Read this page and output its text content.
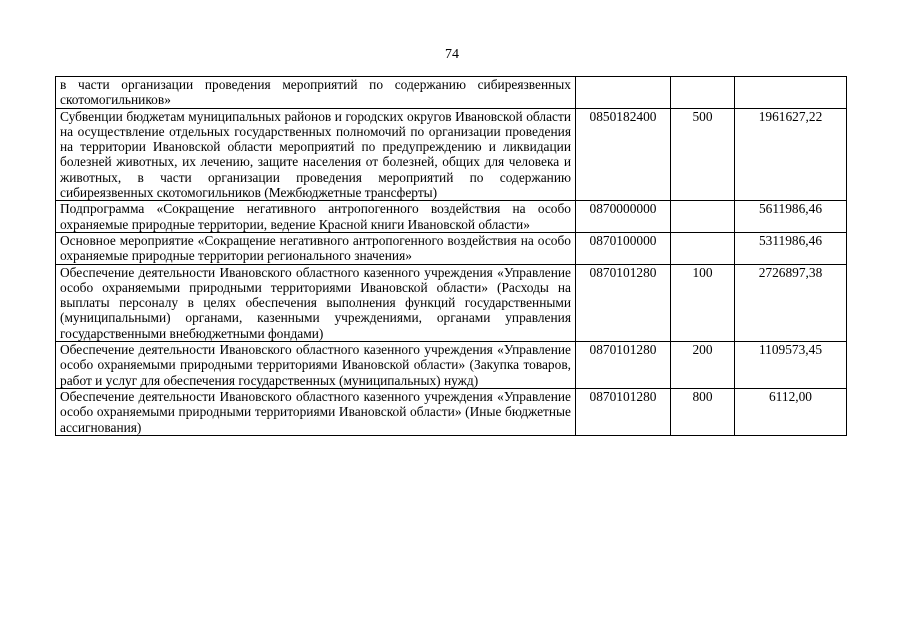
74
в части организации проведения мероприятий по содержанию сибиреязвенных скотомогильников»			
Субвенции бюджетам муниципальных районов и городских округов Ивановской области на осуществление отдельных государственных полномочий по организации проведения на территории Ивановской области мероприятий по предупреждению и ликвидации болезней животных, их лечению, защите населения от болезней, общих для человека и животных, в части организации проведения мероприятий по содержанию сибиреязвенных скотомогильников (Межбюджетные трансферты)	0850182400	500	1961627,22
Подпрограмма «Сокращение негативного антропогенного воздействия на особо охраняемые природные территории, ведение Красной книги Ивановской области»	0870000000		5611986,46
Основное мероприятие «Сокращение негативного антропогенного воздействия на особо охраняемые природные территории регионального значения»	0870100000		5311986,46
Обеспечение деятельности Ивановского областного казенного учреждения «Управление особо охраняемыми природными территориями Ивановской области» (Расходы на выплаты персоналу в целях обеспечения выполнения функций государственными (муниципальными) органами, казенными учреждениями, органами управления государственными внебюджетными фондами)	0870101280	100	2726897,38
Обеспечение деятельности Ивановского областного казенного учреждения «Управление особо охраняемыми природными территориями Ивановской области» (Закупка товаров, работ и услуг для обеспечения государственных (муниципальных) нужд)	0870101280	200	1109573,45
Обеспечение деятельности Ивановского областного казенного учреждения «Управление особо охраняемыми природными территориями Ивановской области» (Иные бюджетные ассигнования)	0870101280	800	6112,00
